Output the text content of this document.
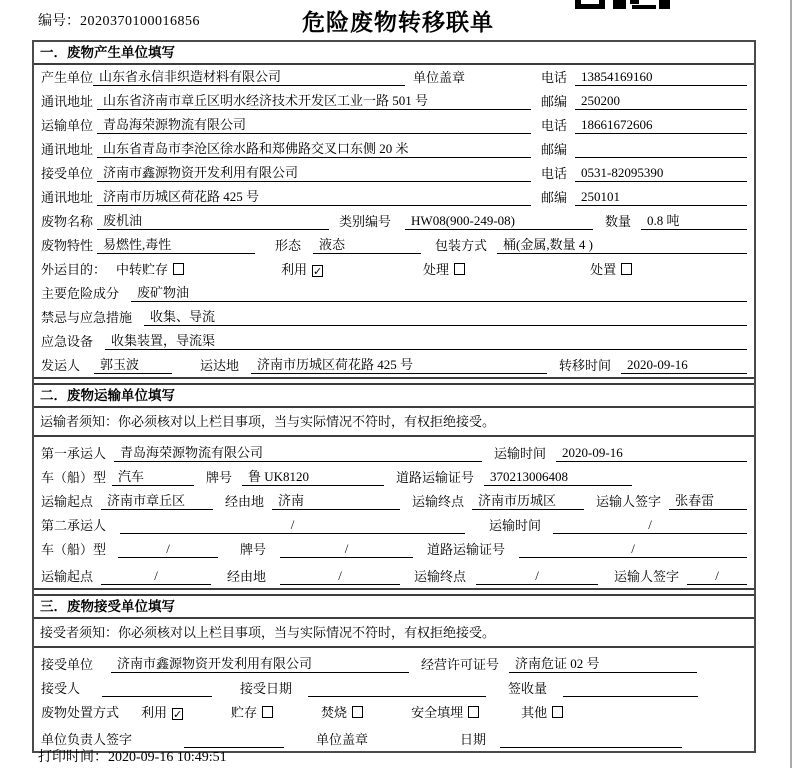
编号：2020370100016856	危险废物转移联单
一．废物产生单位填写
产生单位 山东省永信非织造材料有限公司	单位盖章	电话	13854169160
通讯地址 山东省济南市章丘区明水经济技术开发区工业一路 501 号	邮编	250200
运输单位 青岛海荣源物流有限公司	电话	18661672606
通讯地址 山东省青岛市李沧区徐水路和郑佛路交叉口东侧 20 米	邮编
接受单位 济南市鑫源物资开发利用有限公司	电话	0531-82095390
通讯地址 济南市历城区荷花路 425 号	邮编	250101
废物名称 废机油	类别编号	HW08(900-249-08)	数量	0.8 吨
废物特性 易燃性,毒性	形态	液态	包装方式	桶(金属,数量 4 )
外运目的： 中转贮存	利用 ✓	处理	处置
主要危险成分	废矿物油
禁忌与应急措施	收集、导流
应急设备	收集装置，导流渠
发运人	郭玉波	运达地	济南市历城区荷花路 425 号	转移时间	2020-09-16
二．废物运输单位填写
运输者须知：你必须核对以上栏目事项，当与实际情况不符时，有权拒绝接受。
第一承运人	青岛海荣源物流有限公司	运输时间	2020-09-16
车（船）型 汽车	牌号	鲁 UK8120	道路运输证号	370213006408
运输起点	济南市章丘区	经由地	济南	运输终点	济南市历城区	运输人签字	张春雷
第二承运人	/	运输时间	/
车（船）型	/	牌号	/	道路运输证号	/
运输起点	/	经由地	/	运输终点	/	运输人签字	/
三．废物接受单位填写
接受者须知：你必须核对以上栏目事项，当与实际情况不符时，有权拒绝接受。
接受单位	济南市鑫源物资开发利用有限公司	经营许可证号	济南危证 02 号
接受人	接受日期	签收量
废物处置方式 利用 ✓	贮存	焚烧	安全填埋	其他
单位负责人签字	单位盖章	日期
打印时间：2020-09-16 10:49:51
